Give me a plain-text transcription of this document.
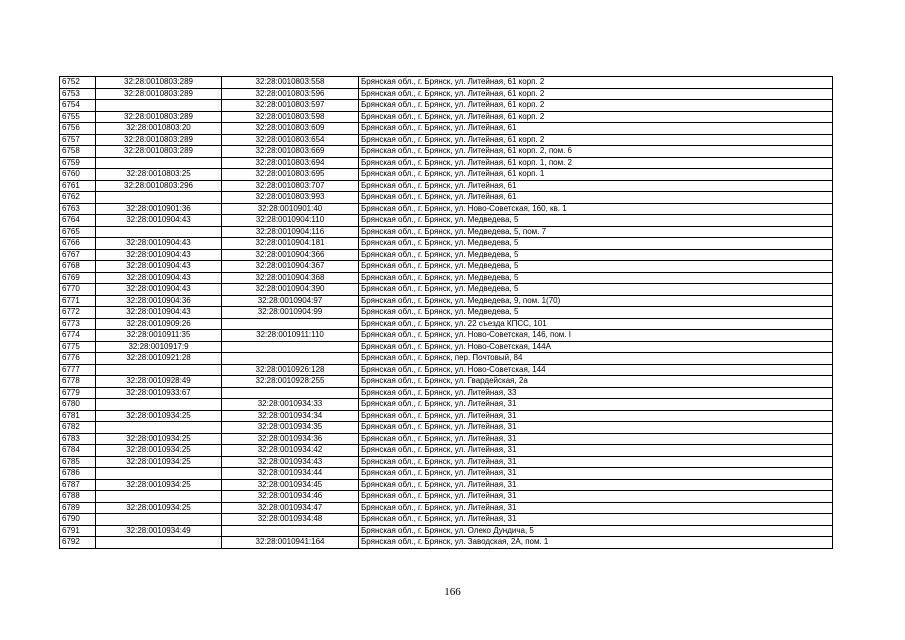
6752	32:28:0010803:289	32:28:0010803:558	Брянская обл., г. Брянск, ул. Литейная, 61 корп. 2
6753	32:28:0010803:289	32:28:0010803:596	Брянская обл., г. Брянск, ул. Литейная, 61 корп. 2
6754		32:28:0010803:597	Брянская обл., г. Брянск, ул. Литейная, 61 корп. 2
6755	32:28:0010803:289	32:28:0010803:598	Брянская обл., г. Брянск, ул. Литейная, 61 корп. 2
6756	32:28:0010803:20	32:28:0010803:609	Брянская обл., г. Брянск, ул. Литейная, 61
6757	32:28:0010803:289	32:28:0010803:654	Брянская обл., г. Брянск, ул. Литейная, 61 корп. 2
6758	32:28:0010803:289	32:28:0010803:669	Брянская обл., г. Брянск, ул. Литейная, 61 корп. 2, пом. 6
6759		32:28:0010803:694	Брянская обл., г. Брянск, ул. Литейная, 61 корп. 1, пом. 2
6760	32:28:0010803:25	32:28:0010803:695	Брянская обл., г. Брянск, ул. Литейная, 61 корп. 1
6761	32:28:0010803:296	32:28:0010803:707	Брянская обл., г. Брянск, ул. Литейная, 61
6762		32:28:0010803:993	Брянская обл., г. Брянск, ул. Литейная, 61
6763	32:28:0010901:36	32:28:0010901:40	Брянская обл., г. Брянск, ул. Ново-Советская, 160, кв. 1
6764	32:28:0010904:43	32:28:0010904:110	Брянская обл., г. Брянск, ул. Медведева, 5
6765		32:28:0010904:116	Брянская обл., г. Брянск, ул. Медведева, 5, пом. 7
6766	32:28:0010904:43	32:28:0010904:181	Брянская обл., г. Брянск, ул. Медведева, 5
6767	32:28:0010904:43	32:28:0010904:366	Брянская обл., г. Брянск, ул. Медведева, 5
6768	32:28:0010904:43	32:28:0010904:367	Брянская обл., г. Брянск, ул. Медведева, 5
6769	32:28:0010904:43	32:28:0010904:368	Брянская обл., г. Брянск, ул. Медведева, 5
6770	32:28:0010904:43	32:28:0010904:390	Брянская обл., г. Брянск, ул. Медведева, 5
6771	32:28:0010904:36	32:28:0010904:97	Брянская обл., г. Брянск, ул. Медведева, 9, пом. 1(70)
6772	32:28:0010904:43	32:28:0010904:99	Брянская обл., г. Брянск, ул. Медведева, 5
6773	32:28:0010909:26		Брянская обл., г. Брянск, ул. 22 съезда КПСС, 101
6774	32:28:0010911:35	32:28:0010911:110	Брянская обл., г. Брянск, ул. Ново-Советская, 146, пом. I
6775	32:28:0010917:9		Брянская обл., г. Брянск, ул. Ново-Советская, 144А
6776	32:28:0010921:28		Брянская обл., г. Брянск, пер. Почтовый, 84
6777		32:28:0010926:128	Брянская обл., г. Брянск, ул. Ново-Советская, 144
6778	32:28:0010928:49	32:28:0010928:255	Брянская обл., г. Брянск, ул. Гвардейская, 2а
6779	32:28:0010933:67		Брянская обл., г. Брянск, ул. Литейная, 33
6780		32:28:0010934:33	Брянская обл., г. Брянск, ул. Литейная, 31
6781	32:28:0010934:25	32:28:0010934:34	Брянская обл., г. Брянск, ул. Литейная, 31
6782		32:28:0010934:35	Брянская обл., г. Брянск, ул. Литейная, 31
6783	32:28:0010934:25	32:28:0010934:36	Брянская обл., г. Брянск, ул. Литейная, 31
6784	32:28:0010934:25	32:28:0010934:42	Брянская обл., г. Брянск, ул. Литейная, 31
6785	32:28:0010934:25	32:28:0010934:43	Брянская обл., г. Брянск, ул. Литейная, 31
6786		32:28:0010934:44	Брянская обл., г. Брянск, ул. Литейная, 31
6787	32:28:0010934:25	32:28:0010934:45	Брянская обл., г. Брянск, ул. Литейная, 31
6788		32:28:0010934:46	Брянская обл., г. Брянск, ул. Литейная, 31
6789	32:28:0010934:25	32:28:0010934:47	Брянская обл., г. Брянск, ул. Литейная, 31
6790		32:28:0010934:48	Брянская обл., г. Брянск, ул. Литейная, 31
6791	32:28:0010934:49		Брянская обл., г. Брянск, ул. Олеко Дундича, 5
6792		32:28:0010941:164	Брянская обл., г. Брянск, ул. Заводская, 2А, пом. 1
166
